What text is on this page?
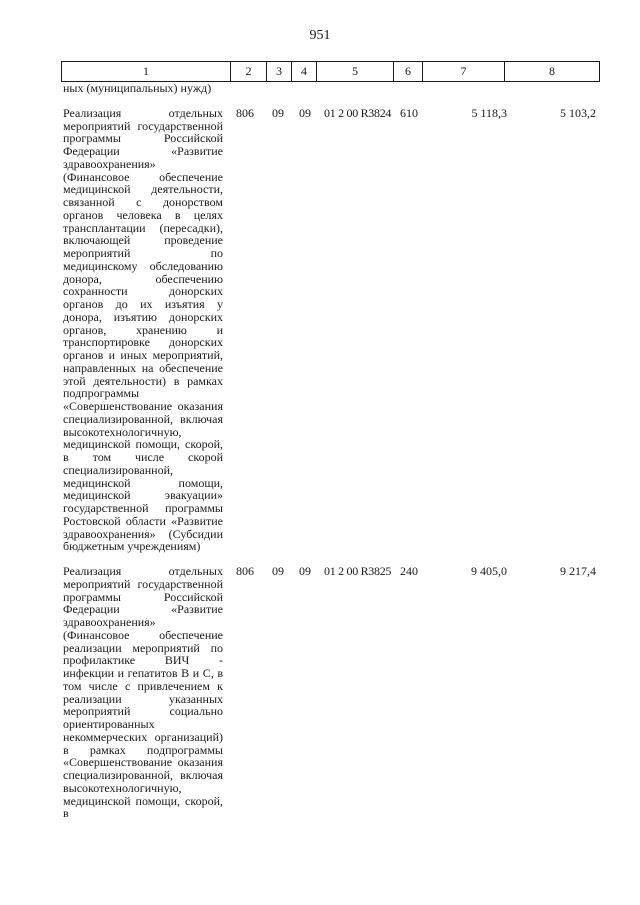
951
1	2	3	4	5	6	7	8
ных (муниципальных) нужд)
Реализация отдельных мероприятий государственной программы Российской Федерации «Развитие здравоохранения» (Финансовое обеспечение медицинской деятельности, связанной с донорством органов человека в целях трансплантации (пересадки), включающей проведение мероприятий по медицинскому обследованию донора, обеспечению сохранности донорских органов до их изъятия у донора, изъятию донорских органов, хранению и транспортировке донорских органов и иных мероприятий, направленных на обеспечение этой деятельности) в рамках подпрограммы «Совершенствование оказания специализированной, включая высокотехнологичную, медицинской помощи, скорой, в том числе скорой специализированной, медицинской помощи, медицинской эвакуации» государственной программы Ростовской области «Развитие здравоохранения» (Субсидии бюджетным учреждениям)
806	09	09	01 2 00 R3824 610	5 118,3	5 103,2
Реализация отдельных мероприятий государственной программы Российской Федерации «Развитие здравоохранения» (Финансовое обеспечение реализации мероприятий по профилактике ВИЧ - инфекции и гепатитов В и С, в том числе с привлечением к реализации указанных мероприятий социально ориентированных некоммерческих организаций) в рамках подпрограммы «Совершенствование оказания специализированной, включая высокотехнологичную, медицинской помощи, скорой, в
806	09	09	01 2 00 R3825 240	9 405,0	9 217,4
